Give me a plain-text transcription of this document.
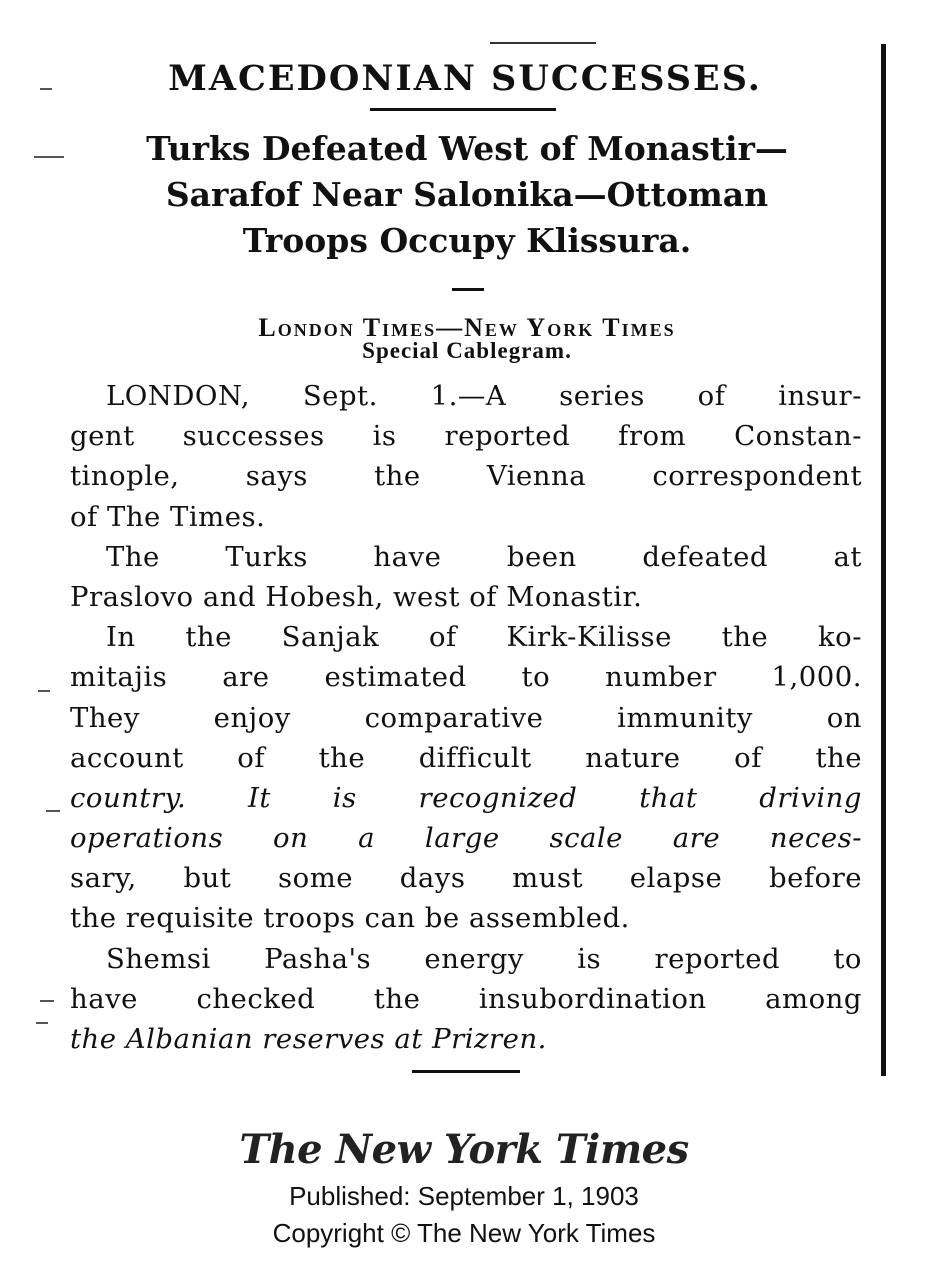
MACEDONIAN SUCCESSES.
Turks Defeated West of Monastir—
Sarafof Near Salonika—Ottoman
Troops Occupy Klissura.
London Times—New York Times
Special Cablegram.
LONDON, Sept. 1.—A series of insur-
gent successes is reported from Constan-
tinople, says the Vienna correspondent
of The Times.
The Turks have been defeated at
Praslovo and Hobesh, west of Monastir.
In the Sanjak of Kirk-Kilisse the ko-
mitajis are estimated to number 1,000.
They enjoy comparative immunity on
account of the difficult nature of the
country. It is recognized that driving
operations on a large scale are neces-
sary, but some days must elapse before
the requisite troops can be assembled.
Shemsi Pasha's energy is reported to
have checked the insubordination among
the Albanian reserves at Prizren.
The New York Times
Published: September 1, 1903
Copyright © The New York Times
